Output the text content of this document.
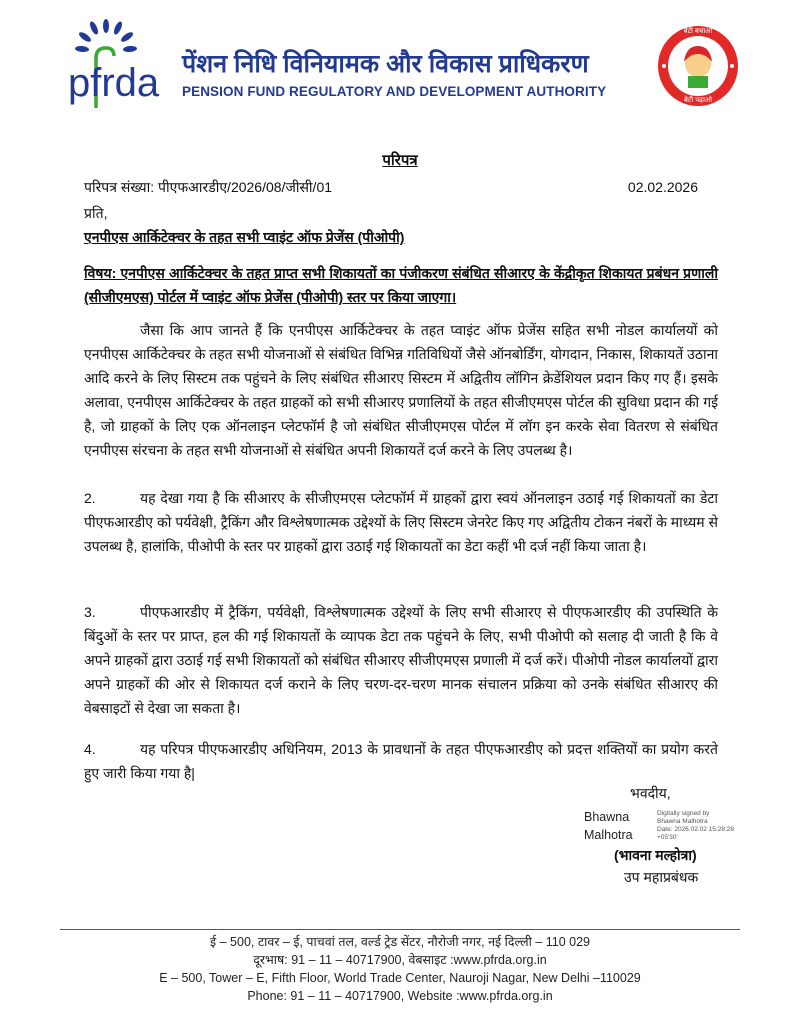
pfrda पेंशन निधि विनियामक और विकास प्राधिकरण
PENSION FUND REGULATORY AND DEVELOPMENT AUTHORITY
बेटी बचाओ
बेटी पढ़ाओ
परिपत्र
परिपत्र संख्या: पीएफआरडीए/2026/08/जीसी/01	02.02.2026
प्रति,
एनपीएस आर्किटेक्चर के तहत सभी प्वाइंट ऑफ प्रेजेंस (पीओपी)
विषय: एनपीएस आर्किटेक्चर के तहत प्राप्त सभी शिकायतों का पंजीकरण संबंधित सीआरए के केंद्रीकृत शिकायत प्रबंधन प्रणाली (सीजीएमएस) पोर्टल में प्वाइंट ऑफ प्रेजेंस (पीओपी) स्तर पर किया जाएगा।
जैसा कि आप जानते हैं कि एनपीएस आर्किटेक्चर के तहत प्वाइंट ऑफ प्रेजेंस सहित सभी नोडल कार्यालयों को एनपीएस आर्किटेक्चर के तहत सभी योजनाओं से संबंधित विभिन्न गतिविधियों जैसे ऑनबोर्डिंग, योगदान, निकास, शिकायतें उठाना आदि करने के लिए सिस्टम तक पहुंचने के लिए संबंधित सीआरए सिस्टम में अद्वितीय लॉगिन क्रेडेंशियल प्रदान किए गए हैं। इसके अलावा, एनपीएस आर्किटेक्चर के तहत ग्राहकों को सभी सीआरए प्रणालियों के तहत सीजीएमएस पोर्टल की सुविधा प्रदान की गई है, जो ग्राहकों के लिए एक ऑनलाइन प्लेटफॉर्म है जो संबंधित सीजीएमएस पोर्टल में लॉग इन करके सेवा वितरण से संबंधित एनपीएस संरचना के तहत सभी योजनाओं से संबंधित अपनी शिकायतें दर्ज करने के लिए उपलब्ध है।
2.	यह देखा गया है कि सीआरए के सीजीएमएस प्लेटफॉर्म में ग्राहकों द्वारा स्वयं ऑनलाइन उठाई गई शिकायतों का डेटा पीएफआरडीए को पर्यवेक्षी, ट्रैकिंग और विश्लेषणात्मक उद्देश्यों के लिए सिस्टम जेनरेट किए गए अद्वितीय टोकन नंबरों के माध्यम से उपलब्ध है, हालांकि, पीओपी के स्तर पर ग्राहकों द्वारा उठाई गई शिकायतों का डेटा कहीं भी दर्ज नहीं किया जाता है।
3.	पीएफआरडीए में ट्रैकिंग, पर्यवेक्षी, विश्लेषणात्मक उद्देश्यों के लिए सभी सीआरए से पीएफआरडीए की उपस्थिति के बिंदुओं के स्तर पर प्राप्त, हल की गई शिकायतों के व्यापक डेटा तक पहुंचने के लिए, सभी पीओपी को सलाह दी जाती है कि वे अपने ग्राहकों द्वारा उठाई गई सभी शिकायतों को संबंधित सीआरए सीजीएमएस प्रणाली में दर्ज करें। पीओपी नोडल कार्यालयों द्वारा अपने ग्राहकों की ओर से शिकायत दर्ज कराने के लिए चरण-दर-चरण मानक संचालन प्रक्रिया को उनके संबंधित सीआरए की वेबसाइटों से देखा जा सकता है।
4.	यह परिपत्र पीएफआरडीए अधिनियम, 2013 के प्रावधानों के तहत पीएफआरडीए को प्रदत्त शक्तियों का प्रयोग करते हुए जारी किया गया है|
भवदीय,
Bhawna Malhotra
Digitally signed by
Bhawna Malhotra
Date: 2026.02.02 15:28:28
+05'30'
(भावना मल्होत्रा)
उप महाप्रबंधक
ई – 500, टावर – ई, पाचवां तल, वर्ल्ड ट्रेड सेंटर, नौरोजी नगर, नई दिल्ली – 110 029
दूरभाष: 91 – 11 – 40717900, वेबसाइट :www.pfrda.org.in
E – 500, Tower – E, Fifth Floor, World Trade Center, Nauroji Nagar, New Delhi –110029
Phone: 91 – 11 – 40717900, Website :www.pfrda.org.in
